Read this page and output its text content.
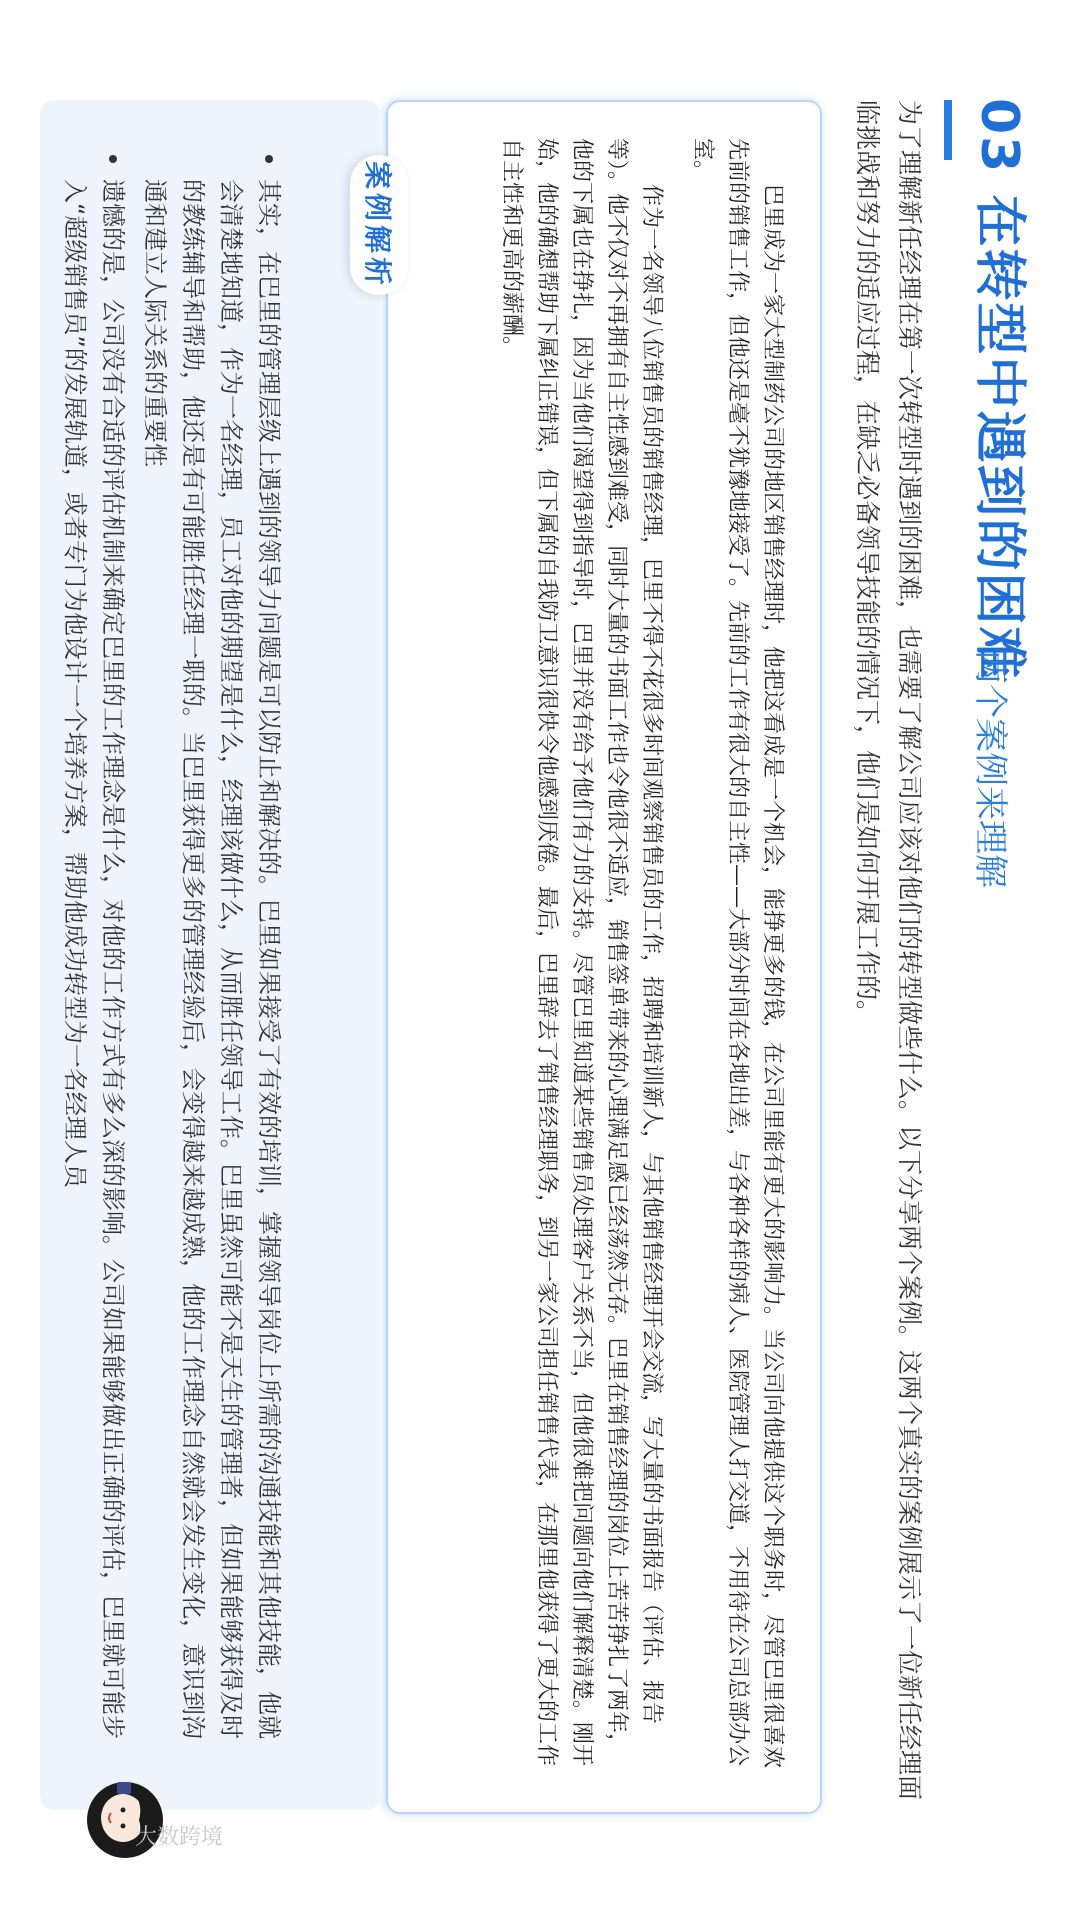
03 在转型中遇到的困难
两个案例来理解

为了理解新任经理在第一次转型时遇到的困难，也需要了解公司应该对他们的转型做些什么。以下分享两个案例。这两个真实的案例展示了一位新任经理面临挑战和努力的适应过程，在缺乏必备领导技能的情况下，他们是如何开展工作的。

巴里成为一家大型制药公司的地区销售经理时，他把这看成是一个机会，能挣更多的钱，在公司里能有更大的影响力。当公司向他提供这个职务时，尽管巴里很喜欢先前的销售工作，但他还是毫不犹豫地接受了。先前的工作有很大的自主性——大部分时间在各地出差，与各种各样的病人、医院管理人打交道，不用待在公司总部办公室。

作为一名领导八位销售员的销售经理，巴里不得不花很多时间观察销售员的工作，招聘和培训新人，与其他销售经理开会交流，写大量的书面报告（评估、报告等）。他不仅对不再拥有自主性感到难受，同时大量的书面工作也令他很不适应，销售签单带来的心理满足感已经荡然无存。巴里在销售经理的岗位上苦苦挣扎了两年，他的下属也在挣扎，因为当他们渴望得到指导时，巴里并没有给予他们有力的支持。尽管巴里知道某些销售员处理客户关系不当，但他很难把问题向他们解释清楚。刚开始，他的确想帮助下属纠正错误，但下属的自我防卫意识很快令他感到厌倦。最后，巴里辞去了销售经理职务，到另一家公司担任销售代表，在那里他获得了更大的工作自主性和更高的薪酬。

案例解析
其实，在巴里的管理层级上遇到的领导力问题是可以防止和解决的。巴里如果接受了有效的培训，掌握领导岗位上所需的沟通技能和其他技能，他就会清楚地知道，作为一名经理，员工对他的期望是什么，经理该做什么，从而胜任领导工作。巴里虽然可能不是天生的管理者，但如果能够获得及时的教练辅导和帮助，他还是有可能胜任经理一职的。当巴里获得更多的管理经验后，会变得越来越成熟，他的工作理念自然就会发生变化，意识到沟通和建立人际关系的重要性
遗憾的是，公司没有合适的评估机制来确定巴里的工作理念是什么，对他的工作方式有多么深的影响。公司如果能够做出正确的评估，巴里就可能步入“超级销售员”的发展轨道，或者专门为他设计一个培养方案，帮助他成功转型为一名经理人员
大数跨境
